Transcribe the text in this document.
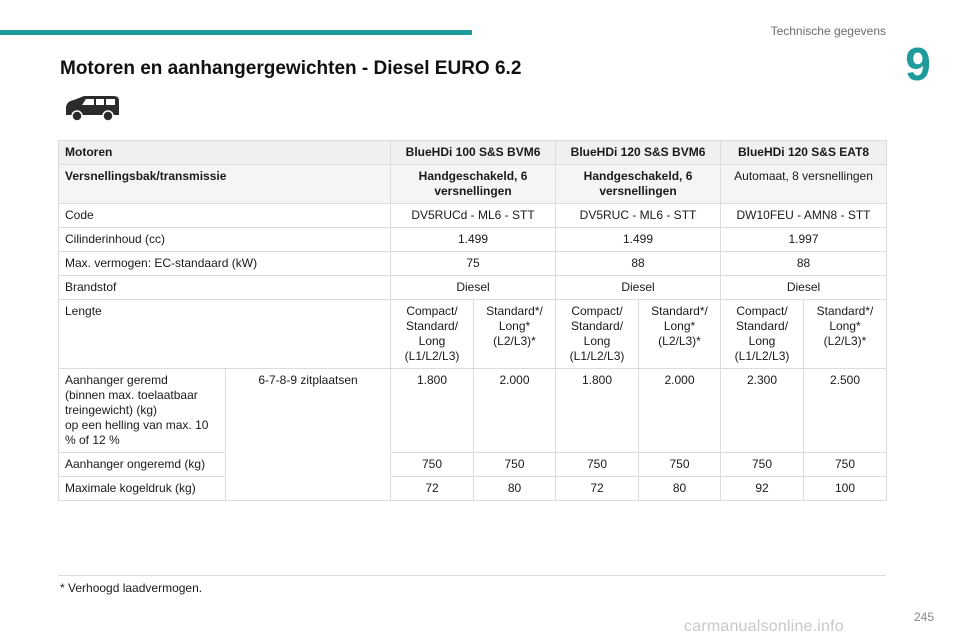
Technische gegevens
9
Motoren en aanhangergewichten - Diesel EURO 6.2
Motoren		BlueHDi 100 S&S BVM6		BlueHDi 120 S&S BVM6		BlueHDi 120 S&S EAT8	
Versnellingsbak/transmissie		Handgeschakeld, 6 versnellingen		Handgeschakeld, 6 versnellingen		Automaat, 8 versnellingen	
Code		DV5RUCd - ML6 - STT		DV5RUC - ML6 - STT		DW10FEU - AMN8 - STT	
Cilinderinhoud (cc)		1.499		1.499		1.997	
Max. vermogen: EC-standaard (kW)		75		88		88	
Brandstof		Diesel		Diesel		Diesel	
Lengte		Compact/
Standard/
Long
(L1/L2/L3)	Standard*/
Long*
(L2/L3)*	Compact/
Standard/
Long
(L1/L2/L3)	Standard*/
Long*
(L2/L3)*	Compact/
Standard/
Long
(L1/L2/L3)	Standard*/
Long*
(L2/L3)*
Aanhanger geremd
(binnen max. toelaatbaar treingewicht) (kg)
op een helling van max. 10 % of 12 %	6-7-8-9 zitplaatsen	1.800	2.000	1.800	2.000	2.300	2.500
Aanhanger ongeremd (kg)		750	750	750	750	750	750
Maximale kogeldruk (kg)		72	80	72	80	92	100
* Verhoogd laadvermogen.
245
carmanualsonline.info
